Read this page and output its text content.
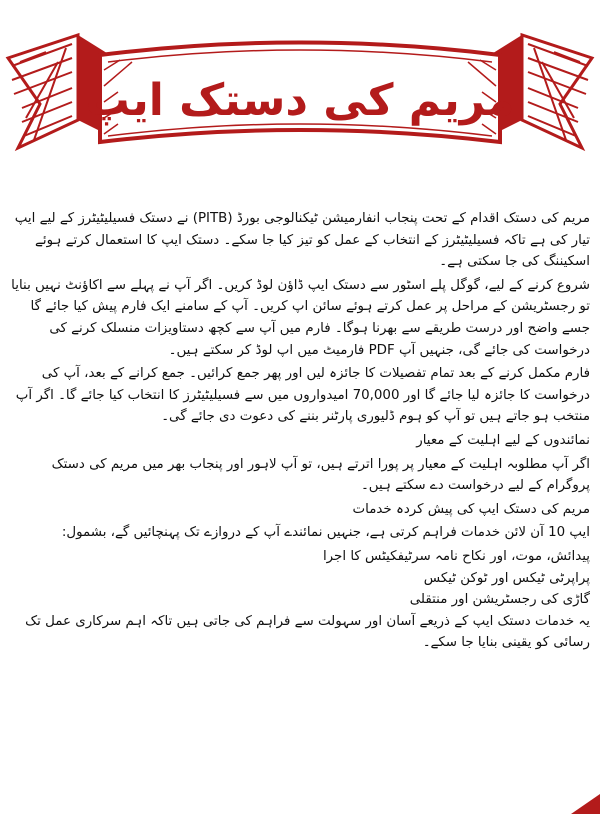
مریم کی دستک ایپ

مریم کی دستک اقدام کے تحت پنجاب انفارمیشن ٹیکنالوجی بورڈ (PITB) نے دستک فسیلیٹیٹرز کے لیے ایپ تیار کی ہے تاکہ فسیلیٹیٹرز کے انتخاب کے عمل کو تیز کیا جا سکے۔ دستک ایپ کا استعمال کرتے ہوئے اسکیننگ کی جا سکتی ہے۔

شروع کرنے کے لیے، گوگل پلے اسٹور سے دستک ایپ ڈاؤن لوڈ کریں۔ اگر آپ نے پہلے سے اکاؤنٹ نہیں بنایا تو رجسٹریشن کے مراحل پر عمل کرتے ہوئے سائن اپ کریں۔ آپ کے سامنے ایک فارم پیش کیا جائے گا جسے واضح اور درست طریقے سے بھرنا ہوگا۔ فارم میں آپ سے کچھ دستاویزات منسلک کرنے کی درخواست کی جائے گی، جنہیں آپ PDF فارمیٹ میں اپ لوڈ کر سکتے ہیں۔

فارم مکمل کرنے کے بعد تمام تفصیلات کا جائزہ لیں اور پھر جمع کرائیں۔ جمع کرانے کے بعد، آپ کی درخواست کا جائزہ لیا جائے گا اور 70,000 امیدواروں میں سے فسیلیٹیٹرز کا انتخاب کیا جائے گا۔ اگر آپ منتخب ہو جاتے ہیں تو آپ کو ہوم ڈلیوری پارٹنر بننے کی دعوت دی جائے گی۔

نمائندوں کے لیے اہلیت کے معیار

اگر آپ مطلوبہ اہلیت کے معیار پر پورا اترتے ہیں، تو آپ لاہور اور پنجاب بھر میں مریم کی دستک پروگرام کے لیے درخواست دے سکتے ہیں۔

مریم کی دستک ایپ کی پیش کردہ خدمات

ایپ 10 آن لائن خدمات فراہم کرتی ہے، جنہیں نمائندے آپ کے دروازے تک پہنچائیں گے، بشمول:

پیدائش، موت، اور نکاح نامہ سرٹیفکیٹس کا اجرا
پراپرٹی ٹیکس اور ٹوکن ٹیکس
گاڑی کی رجسٹریشن اور منتقلی

یہ خدمات دستک ایپ کے ذریعے آسان اور سہولت سے فراہم کی جاتی ہیں تاکہ اہم سرکاری عمل تک رسائی کو یقینی بنایا جا سکے۔
